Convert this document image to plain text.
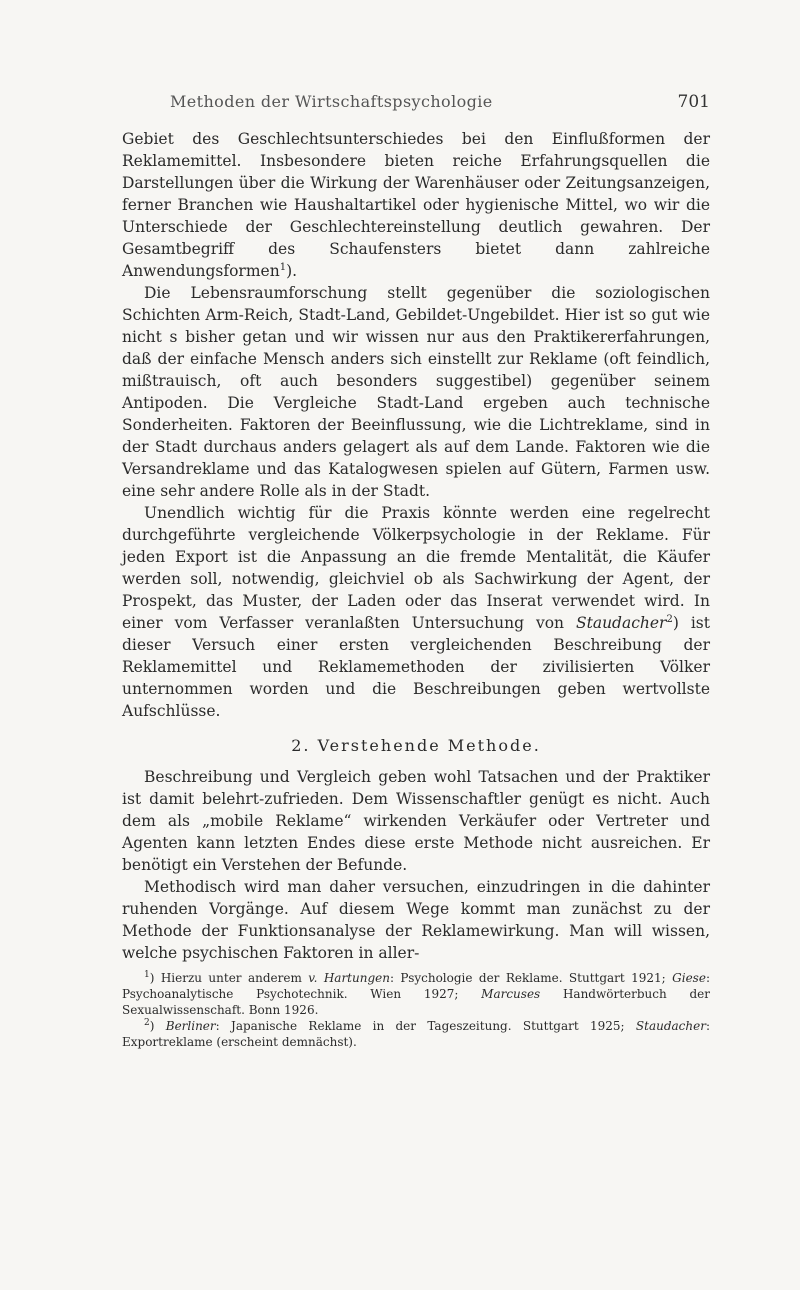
Methoden der Wirtschaftspsychologie	701

Gebiet des Geschlechtsunterschiedes bei den Einflußformen der Reklamemittel. Insbesondere bieten reiche Erfahrungsquellen die Darstellungen über die Wirkung der Warenhäuser oder Zeitungsanzeigen, ferner Branchen wie Haushaltartikel oder hygienische Mittel, wo wir die Unterschiede der Geschlechtereinstellung deutlich gewahren. Der Gesamtbegriff des Schaufensters bietet dann zahlreiche Anwendungsformen$^1$).

Die Lebensraumforschung stellt gegenüber die soziologischen Schichten Arm-Reich, Stadt-Land, Gebildet-Ungebildet. Hier ist so gut wie nicht s bisher getan und wir wissen nur aus den Praktikererfahrungen, daß der einfache Mensch anders sich einstellt zur Reklame (oft feindlich, mißtrauisch, oft auch besonders suggestibel) gegenüber seinem Antipoden. Die Vergleiche Stadt-Land ergeben auch technische Sonderheiten. Faktoren der Beeinflussung, wie die Lichtreklame, sind in der Stadt durchaus anders gelagert als auf dem Lande. Faktoren wie die Versandreklame und das Katalogwesen spielen auf Gütern, Farmen usw. eine sehr andere Rolle als in der Stadt.

Unendlich wichtig für die Praxis könnte werden eine regelrecht durchgeführte vergleichende Völkerpsychologie in der Reklame. Für jeden Export ist die Anpassung an die fremde Mentalität, die Käufer werden soll, notwendig, gleichviel ob als Sachwirkung der Agent, der Prospekt, das Muster, der Laden oder das Inserat verwendet wird. In einer vom Verfasser veranlaßten Untersuchung von Staudacher$^2$) ist dieser Versuch einer ersten vergleichenden Beschreibung der Reklamemittel und Reklamemethoden der zivilisierten Völker unternommen worden und die Beschreibungen geben wertvollste Aufschlüsse.

2. Verstehende Methode.

Beschreibung und Vergleich geben wohl Tatsachen und der Praktiker ist damit belehrt-zufrieden. Dem Wissenschaftler genügt es nicht. Auch dem als „mobile Reklame“ wirkenden Verkäufer oder Vertreter und Agenten kann letzten Endes diese erste Methode nicht ausreichen. Er benötigt ein Verstehen der Befunde.

Methodisch wird man daher versuchen, einzudringen in die dahinter ruhenden Vorgänge. Auf diesem Wege kommt man zunächst zu der Methode der Funktionsanalyse der Reklamewirkung. Man will wissen, welche psychischen Faktoren in aller-

$^1$) Hierzu unter anderem v. Hartungen: Psychologie der Reklame. Stuttgart 1921; Giese: Psychoanalytische Psychotechnik. Wien 1927; Marcuses Handwörterbuch der Sexualwissenschaft. Bonn 1926.

$^2$) Berliner: Japanische Reklame in der Tageszeitung. Stuttgart 1925; Staudacher: Exportreklame (erscheint demnächst).
